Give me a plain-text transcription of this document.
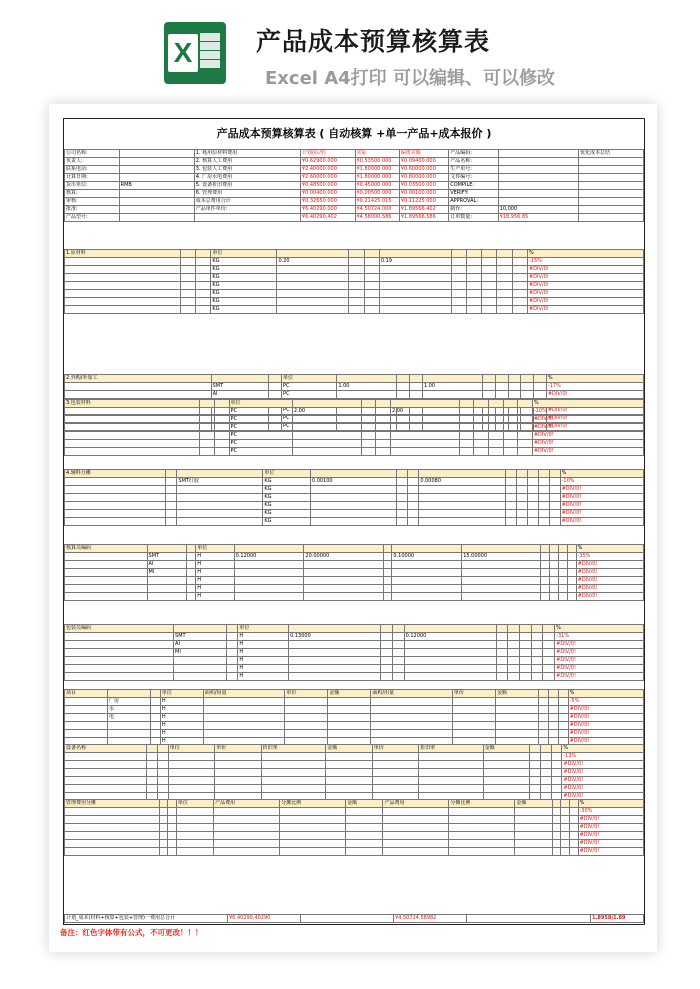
X	产品成本预算核算表
Excel A4打印 可以编辑、可以修改
产品成本预算核算表 ( 自动核算 +单一产品+成本报价 )
公司名称:		1. 耗用原材料费用	计划(标准)	实际	偏离差额	产品编码:		优化成本总结
负责人:		2. 核算人工费用	¥0.62900.000	¥0.53500.000	¥0.09400.000	产品名称:		
联系电话:		3. 包装人工费用	¥2.40000.000	¥1.80000.000	¥0.60000.000	生产单号:		
计算日期:		4. 厂房水电费用	¥2.60000.000	¥1.80000.000	¥0.80000.000	文件编号:		
货币单位:	RMB	5. 设备折旧费用	¥0.48500.000	¥0.45000.000	¥0.03500.000	COMPILE:		
核算:		6. 管理费用	¥0.00400.000	¥0.00500.000	¥0.00100.000	VERIFY:		
审核:		成本总费用合计	¥0.32650.000	¥0.21425.015	¥0.11225.000	APPROVAL:		
批准:		产品单件单价:	¥6.40290.000	¥4.50724.000	¥1.89566.402	制作:	10,000	
产品型号:			¥6.40290,402	¥4.58000,586	¥1.89566,586	订单数量:	¥18,956.85	
1.原材料			单位										%
			KG	0.20			0.19						-15%
			KG										#DIV/0!
			KG										#DIV/0!
			KG										#DIV/0!
			KG										#DIV/0!
			KG										#DIV/0!
			KG										#DIV/0!
2.外购/外加工			单位										%
	SMT		PC	1.00			1.00						-17%
	AI		PC										#DIV/0!

			PC										#DIV/0!
			PC										#DIV/0!
			PC										#DIV/0!
3.包装材料			单位										%
			PC	2.00			2.00						-10%
			PC										#DIV/0!
			PC										#DIV/0!
			PC										#DIV/0!
			PC										#DIV/0!
			PC										#DIV/0!
4.辅料分摊			单位										%
		SMT红胶	KG	0.00100			0.00080						-10%
			KG										#DIV/0!
			KG										#DIV/0!
			KG										#DIV/0!
			KG										#DIV/0!
			KG										#DIV/0!
核算员编码			单位										%
	SMT		H	0.12000	20.00000		0.10000	15.00000					-35%
	AI		H										#DIV/0!
	MI		H										#DIV/0!
			H										#DIV/0!
			H										#DIV/0!
			H										#DIV/0!
包装员编码			单位										%
	SMT		H	0.13000			0.12000						-31%
	AI		H										#DIV/0!
	MI		H										#DIV/0!
			H										#DIV/0!
			H										#DIV/0!
			H										#DIV/0!
项目			单位	面积/用量	单价	金额	面积/用量	单价	金额				%
	厂房		H										-5%
	水		H										#DIV/0!
	电		H										#DIV/0!
			H										#DIV/0!
			H										#DIV/0!
			H										#DIV/0!
设备名称			单位	单价	折旧率	金额	单价	折旧率	金额				%
													-13%
													#DIV/0!
													#DIV/0!
													#DIV/0!
													#DIV/0!
													#DIV/0!
管理费用分摊			单位	产品费用	分摊比例	金额	产品费用	分摊比例	金额				%
													-30%
													#DIV/0!
													#DIV/0!
													#DIV/0!
													#DIV/0!
													#DIV/0!
计划_成本(材料+核算+包装+管理)一费用总合计	¥6.40290,40290		¥4.50724,58982		1.8958|1.89
备注：红色字体带有公式，不可更改！！！
